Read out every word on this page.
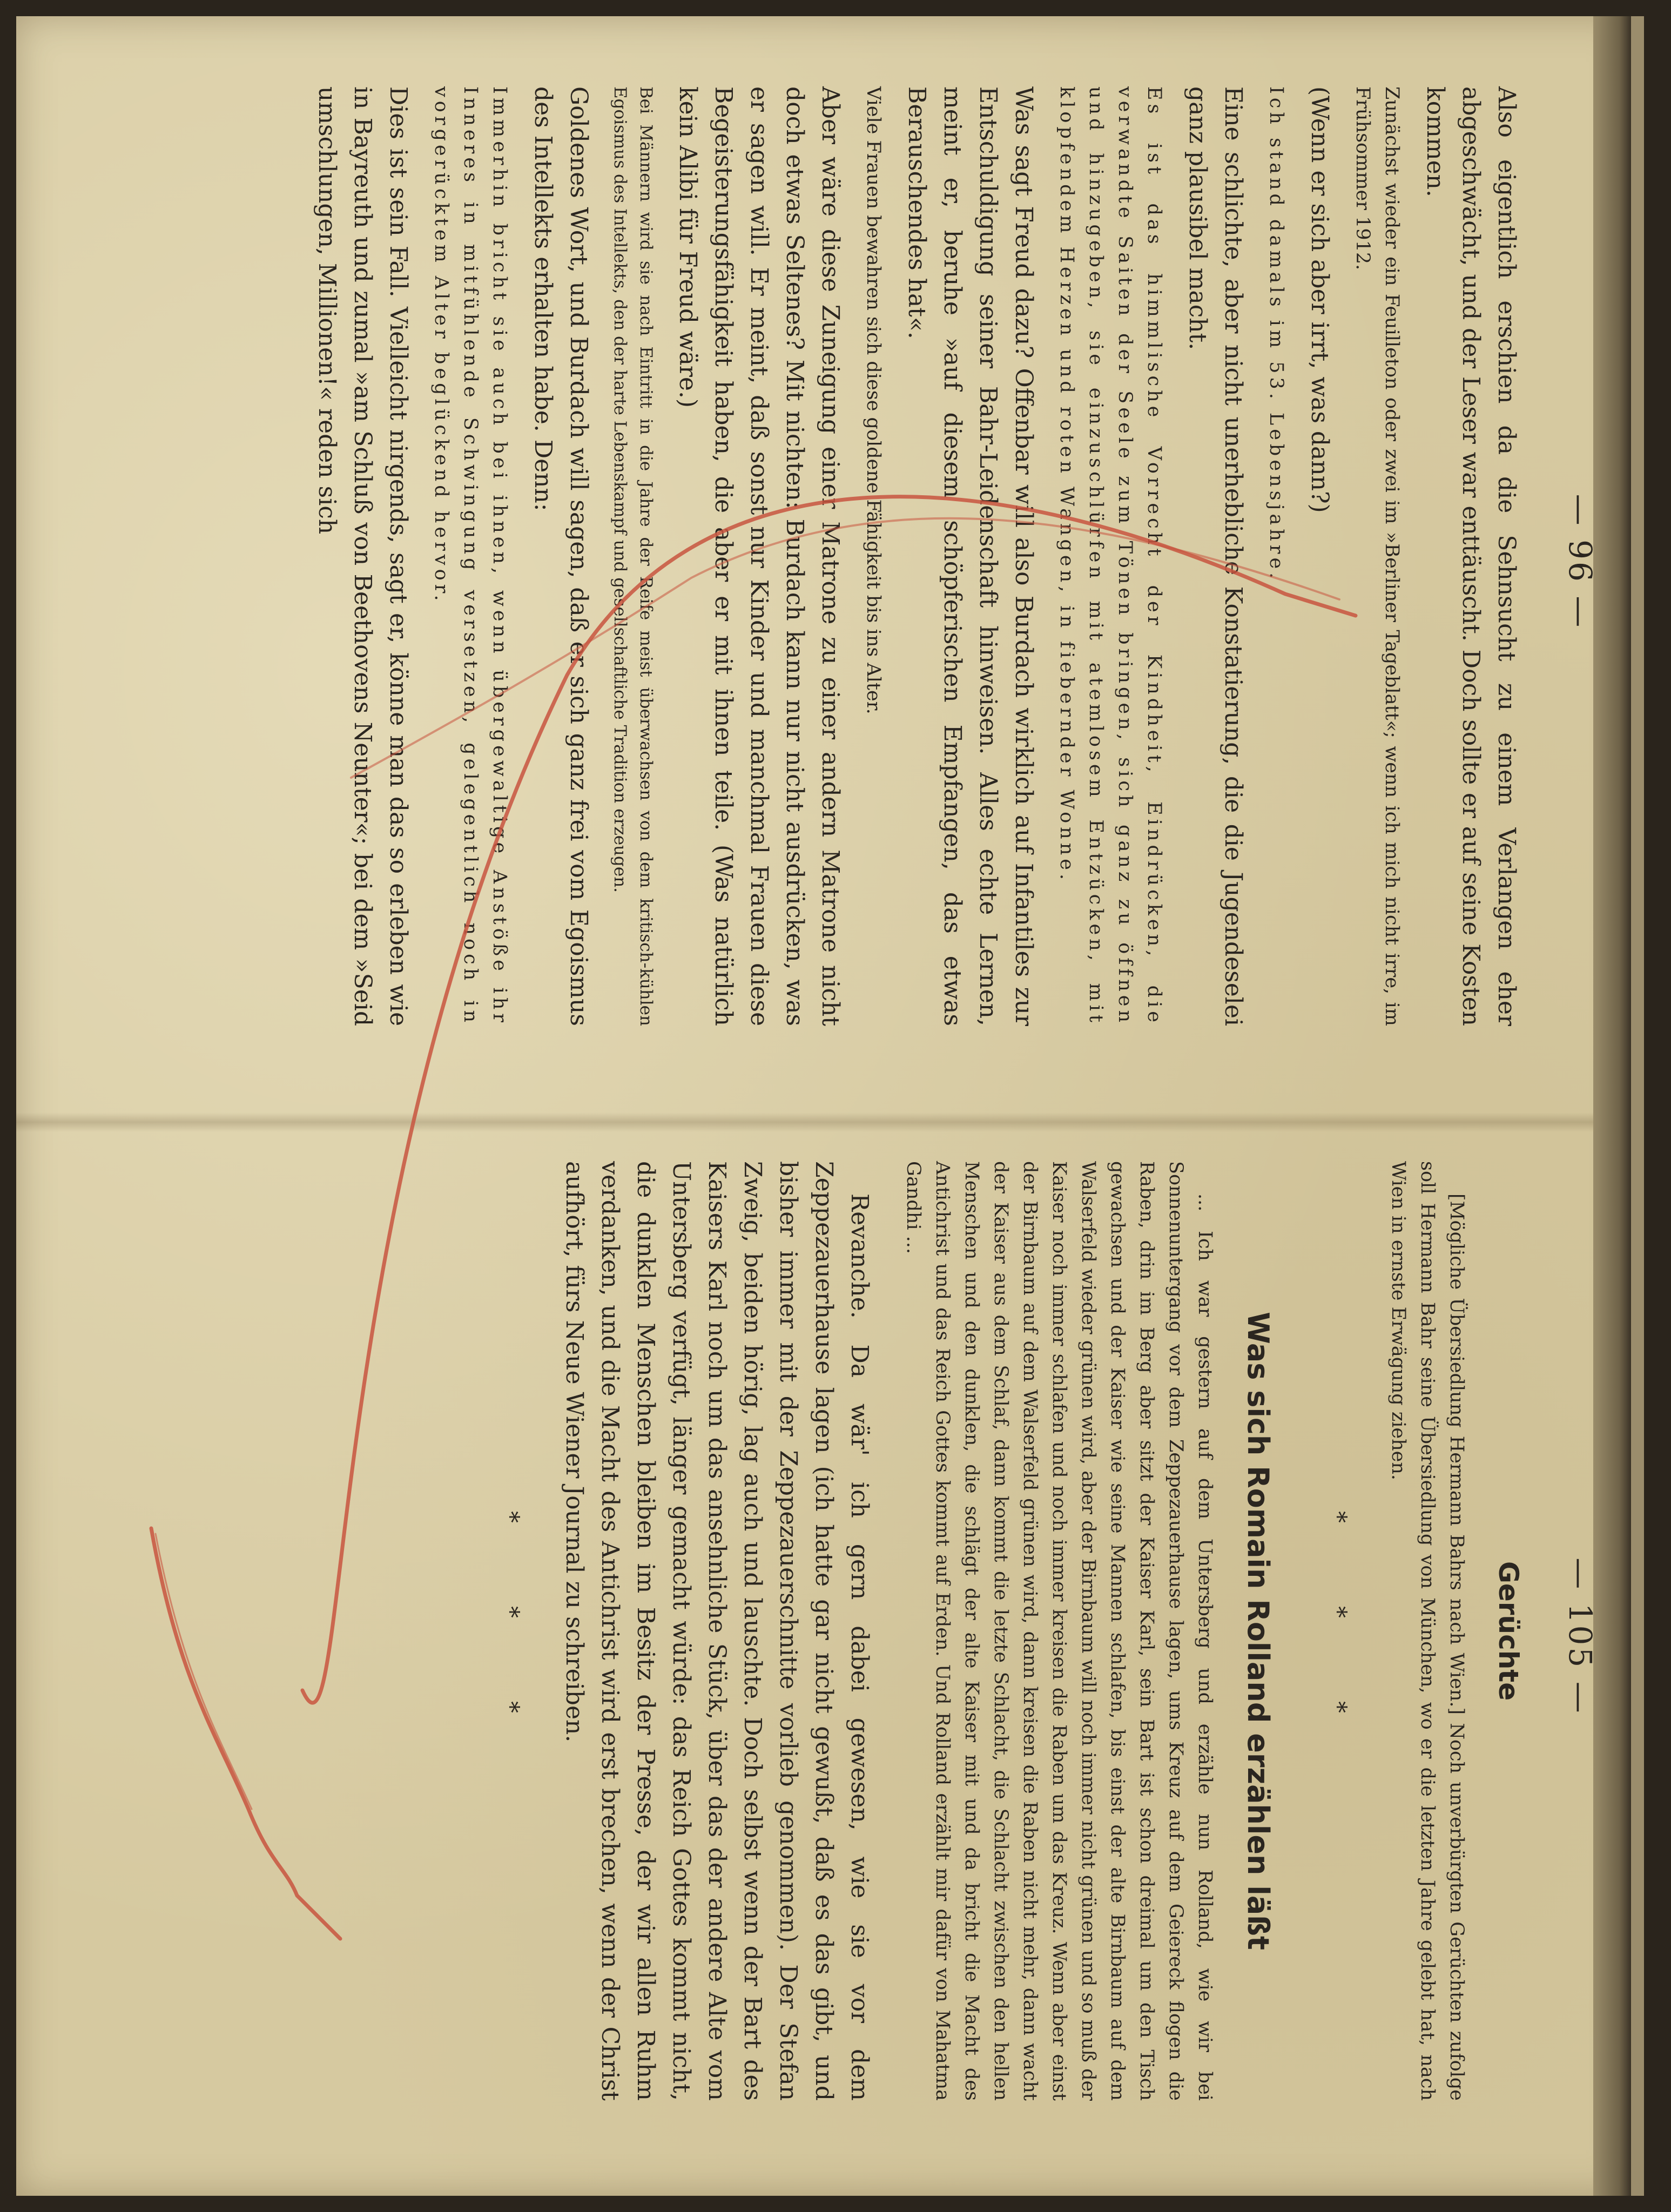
— 96 —

Also eigentlich erschien da die Sehnsucht zu einem Verlangen eher abgeschwächt, und der Leser war enttäuscht. Doch sollte er auf seine Kosten kommen.

Zunächst wieder ein Feuilleton oder zwei im »Berliner Tageblatt«; wenn ich mich nicht irre, im Frühsommer 1912.

(Wenn er sich aber irrt, was dann?)

Ich stand damals im 53. Lebensjahre.

Eine schlichte, aber nicht unerhebliche Konstatierung, die die Jugendeselei ganz plausibel macht.

Es ist das himmlische Vorrecht der Kindheit, Eindrücken, die verwandte Saiten der Seele zum Tönen bringen, sich ganz zu öffnen und hinzugeben, sie einzuschlürfen mit atemlosem Entzücken, mit klopfendem Herzen und roten Wangen, in fiebernder Wonne.

Was sagt Freud dazu? Offenbar will also Burdach wirklich auf Infantiles zur Entschuldigung seiner Bahr-Leidenschaft hinweisen. Alles echte Lernen, meint er, beruhe »auf diesem schöpferischen Empfangen, das etwas Berauschendes hat«.

Viele Frauen bewahren sich diese goldene Fähigkeit bis ins Alter.

Aber wäre diese Zuneigung einer Matrone zu einer andern Matrone nicht doch etwas Seltenes? Mit nichten: Burdach kann nur nicht ausdrücken, was er sagen will. Er meint, daß sonst nur Kinder und manchmal Frauen diese Begeisterungsfähigkeit haben, die aber er mit ihnen teile. (Was natürlich kein Alibi für Freud wäre.)

Bei Männern wird sie nach Eintritt in die Jahre der Reife meist überwachsen von dem kritisch-kühlen Egoismus des Intellekts, den der harte Lebenskampf und gesellschaftliche Tradition erzeugen.

Goldenes Wort, und Burdach will sagen, daß er sich ganz frei vom Egoismus des Intellekts erhalten habe. Denn:

Immerhin bricht sie auch bei ihnen, wenn übergewaltige Anstöße ihr Inneres in mitfühlende Schwingung versetzen, gelegentlich noch in vorgerücktem Alter beglückend hervor.

Dies ist sein Fall. Vielleicht nirgends, sagt er, könne man das so erleben wie in Bayreuth und zumal »am Schluß von Beethovens Neunter«; bei dem »Seid umschlungen, Millionen!« reden sich

— 105 —
Gerüchte

[Mögliche Übersiedlung Hermann Bahrs nach Wien.] Noch unverbürgten Gerüchten zufolge soll Hermann Bahr seine Übersiedlung von München, wo er die letzten Jahre gelebt hat, nach Wien in ernste Erwägung ziehen.

* * *
Was sich Romain Rolland erzählen läßt

... Ich war gestern auf dem Untersberg und erzähle nun Rolland, wie wir bei Sonnenuntergang vor dem Zeppezauerhause lagen, ums Kreuz auf dem Geiereck flogen die Raben, drin im Berg aber sitzt der Kaiser Karl, sein Bart ist schon dreimal um den Tisch gewachsen und der Kaiser wie seine Mannen schlafen, bis einst der alte Birnbaum auf dem Walserfeld wieder grünen wird, aber der Birnbaum will noch immer nicht grünen und so muß der Kaiser noch immer schlafen und noch immer kreisen die Raben um das Kreuz. Wenn aber einst der Birnbaum auf dem Walserfeld grünen wird, dann kreisen die Raben nicht mehr, dann wacht der Kaiser aus dem Schlaf, dann kommt die letzte Schlacht, die Schlacht zwischen den hellen Menschen und den dunklen, die schlägt der alte Kaiser mit und da bricht die Macht des Antichrist und das Reich Gottes kommt auf Erden. Und Rolland erzählt mir dafür von Mahatma Gandhi ...

Revanche. Da wär' ich gern dabei gewesen, wie sie vor dem Zeppezauerhause lagen (ich hatte gar nicht gewußt, daß es das gibt, und bisher immer mit der Zeppezauerschnitte vorlieb genommen). Der Stefan Zweig, beiden hörig, lag auch und lauschte. Doch selbst wenn der Bart des Kaisers Karl noch um das ansehnliche Stück, über das der andere Alte vom Untersberg verfügt, länger gemacht würde: das Reich Gottes kommt nicht, die dunklen Menschen bleiben im Besitz der Presse, der wir allen Ruhm verdanken, und die Macht des Antichrist wird erst brechen, wenn der Christ aufhört, fürs Neue Wiener Journal zu schreiben.

* * *
